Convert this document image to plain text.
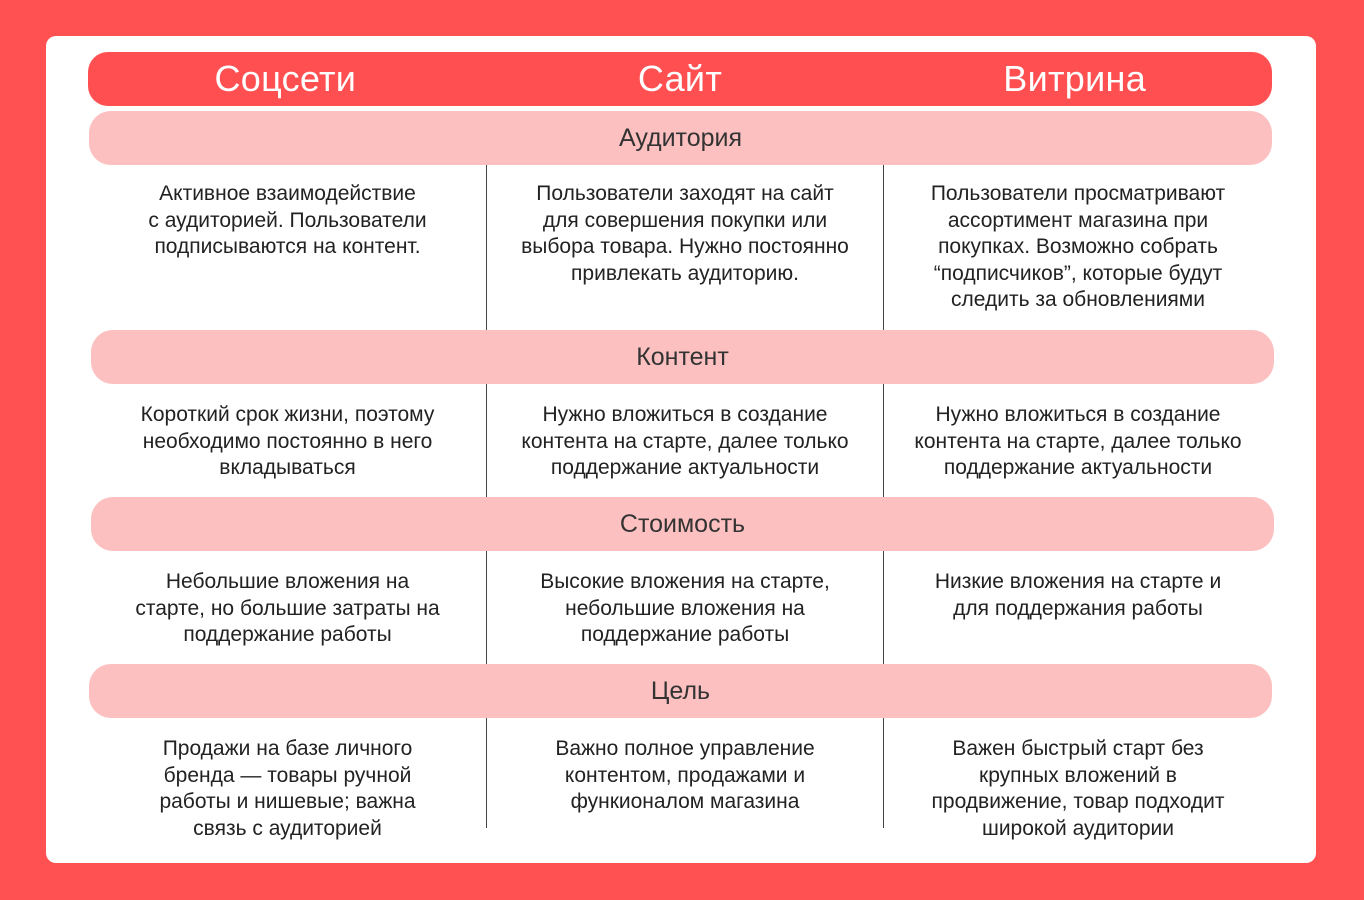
Соцсети	Сайт	Витрина
Аудитория
Активное взаимодействие
с аудиторией. Пользователи
подписываются на контент.
Пользователи заходят на сайт
для совершения покупки или
выбора товара. Нужно постоянно
привлекать аудиторию.
Пользователи просматривают
ассортимент магазина при
покупках. Возможно собрать
“подписчиков”, которые будут
следить за обновлениями
Контент
Короткий срок жизни, поэтому
необходимо постоянно в него
вкладываться
Нужно вложиться в создание
контента на старте, далее только
поддержание актуальности
Нужно вложиться в создание
контента на старте, далее только
поддержание актуальности
Стоимость
Небольшие вложения на
старте, но большие затраты на
поддержание работы
Высокие вложения на старте,
небольшие вложения на
поддержание работы
Низкие вложения на старте и
для поддержания работы
Цель
Продажи на базе личного
бренда — товары ручной
работы и нишевые; важна
связь с аудиторией
Важно полное управление
контентом, продажами и
функионалом магазина
Важен быстрый старт без
крупных вложений в
продвижение, товар подходит
широкой аудитории
